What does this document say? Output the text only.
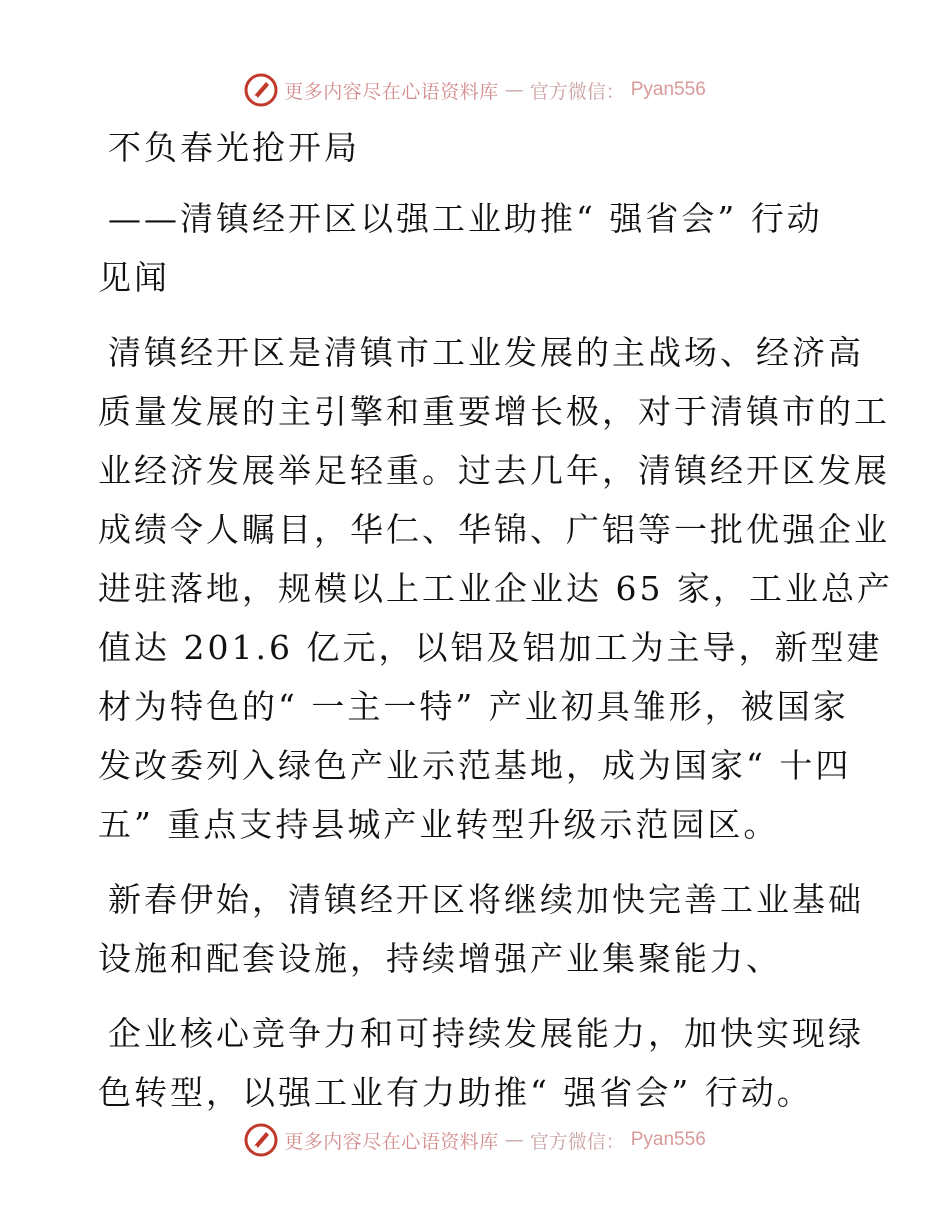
更多内容尽在心语资料库 — 官方微信： Pyan556

不负春光抢开局

——清镇经开区以强工业助推“ 强省会” 行动

见闻

清镇经开区是清镇市工业发展的主战场、经济高

质量发展的主引擎和重要增长极，对于清镇市的工

业经济发展举足轻重。过去几年，清镇经开区发展

成绩令人瞩目，华仁、华锦、广铝等一批优强企业

进驻落地，规模以上工业企业达 65 家，工业总产

值达 201.6 亿元，以铝及铝加工为主导，新型建

材为特色的“ 一主一特” 产业初具雏形，被国家

发改委列入绿色产业示范基地，成为国家“ 十四

五” 重点支持县城产业转型升级示范园区。

新春伊始，清镇经开区将继续加快完善工业基础

设施和配套设施，持续增强产业集聚能力、

企业核心竞争力和可持续发展能力，加快实现绿

色转型，以强工业有力助推“ 强省会” 行动。

更多内容尽在心语资料库 — 官方微信： Pyan556
